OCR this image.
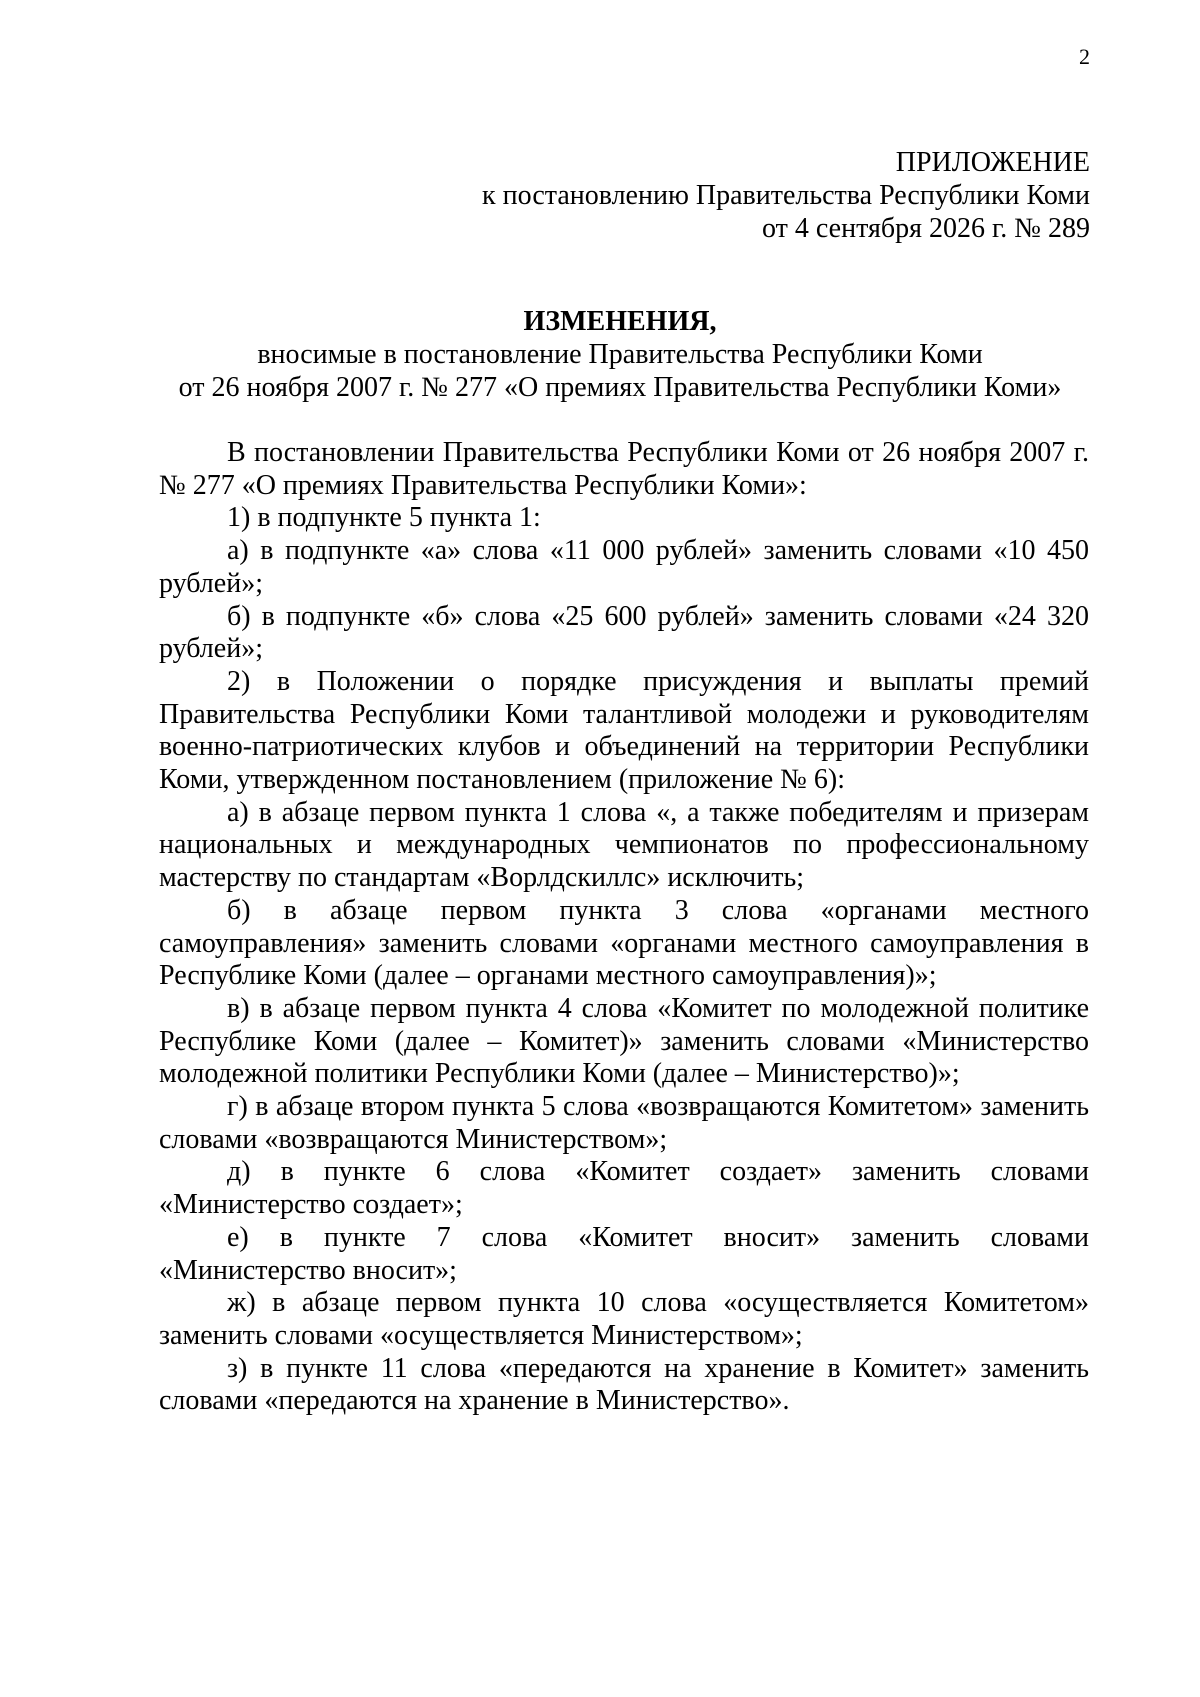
2
ПРИЛОЖЕНИЕ
к постановлению Правительства Республики Коми
от 4 сентября 2026 г. № 289
ИЗМЕНЕНИЯ,
вносимые в постановление Правительства Республики Коми
от 26 ноября 2007 г. № 277 «О премиях Правительства Республики Коми»

В постановлении Правительства Республики Коми от 26 ноября 2007 г. № 277 «О премиях Правительства Республики Коми»:

1) в подпункте 5 пункта 1:

а) в подпункте «а» слова «11 000 рублей» заменить словами «10 450 рублей»;

б) в подпункте «б» слова «25 600 рублей» заменить словами «24 320 рублей»;

2) в Положении о порядке присуждения и выплаты премий Правительства Республики Коми талантливой молодежи и руководителям военно-патриотических клубов и объединений на территории Республики Коми, утвержденном постановлением (приложение № 6):

а) в абзаце первом пункта 1 слова «, а также победителям и призерам национальных и международных чемпионатов по профессиональному мастерству по стандартам «Ворлдскиллс» исключить;

б) в абзаце первом пункта 3 слова «органами местного самоуправления» заменить словами «органами местного самоуправления в Республике Коми (далее – органами местного самоуправления)»;

в) в абзаце первом пункта 4 слова «Комитет по молодежной политике Республике Коми (далее – Комитет)» заменить словами «Министерство молодежной политики Республики Коми (далее – Министерство)»;

г) в абзаце втором пункта 5 слова «возвращаются Комитетом» заменить словами «возвращаются Министерством»;

д) в пункте 6 слова «Комитет создает» заменить словами «Министерство создает»;

е) в пункте 7 слова «Комитет вносит» заменить словами «Министерство вносит»;

ж) в абзаце первом пункта 10 слова «осуществляется Комитетом» заменить словами «осуществляется Министерством»;

з) в пункте 11 слова «передаются на хранение в Комитет» заменить словами «передаются на хранение в Министерство».
